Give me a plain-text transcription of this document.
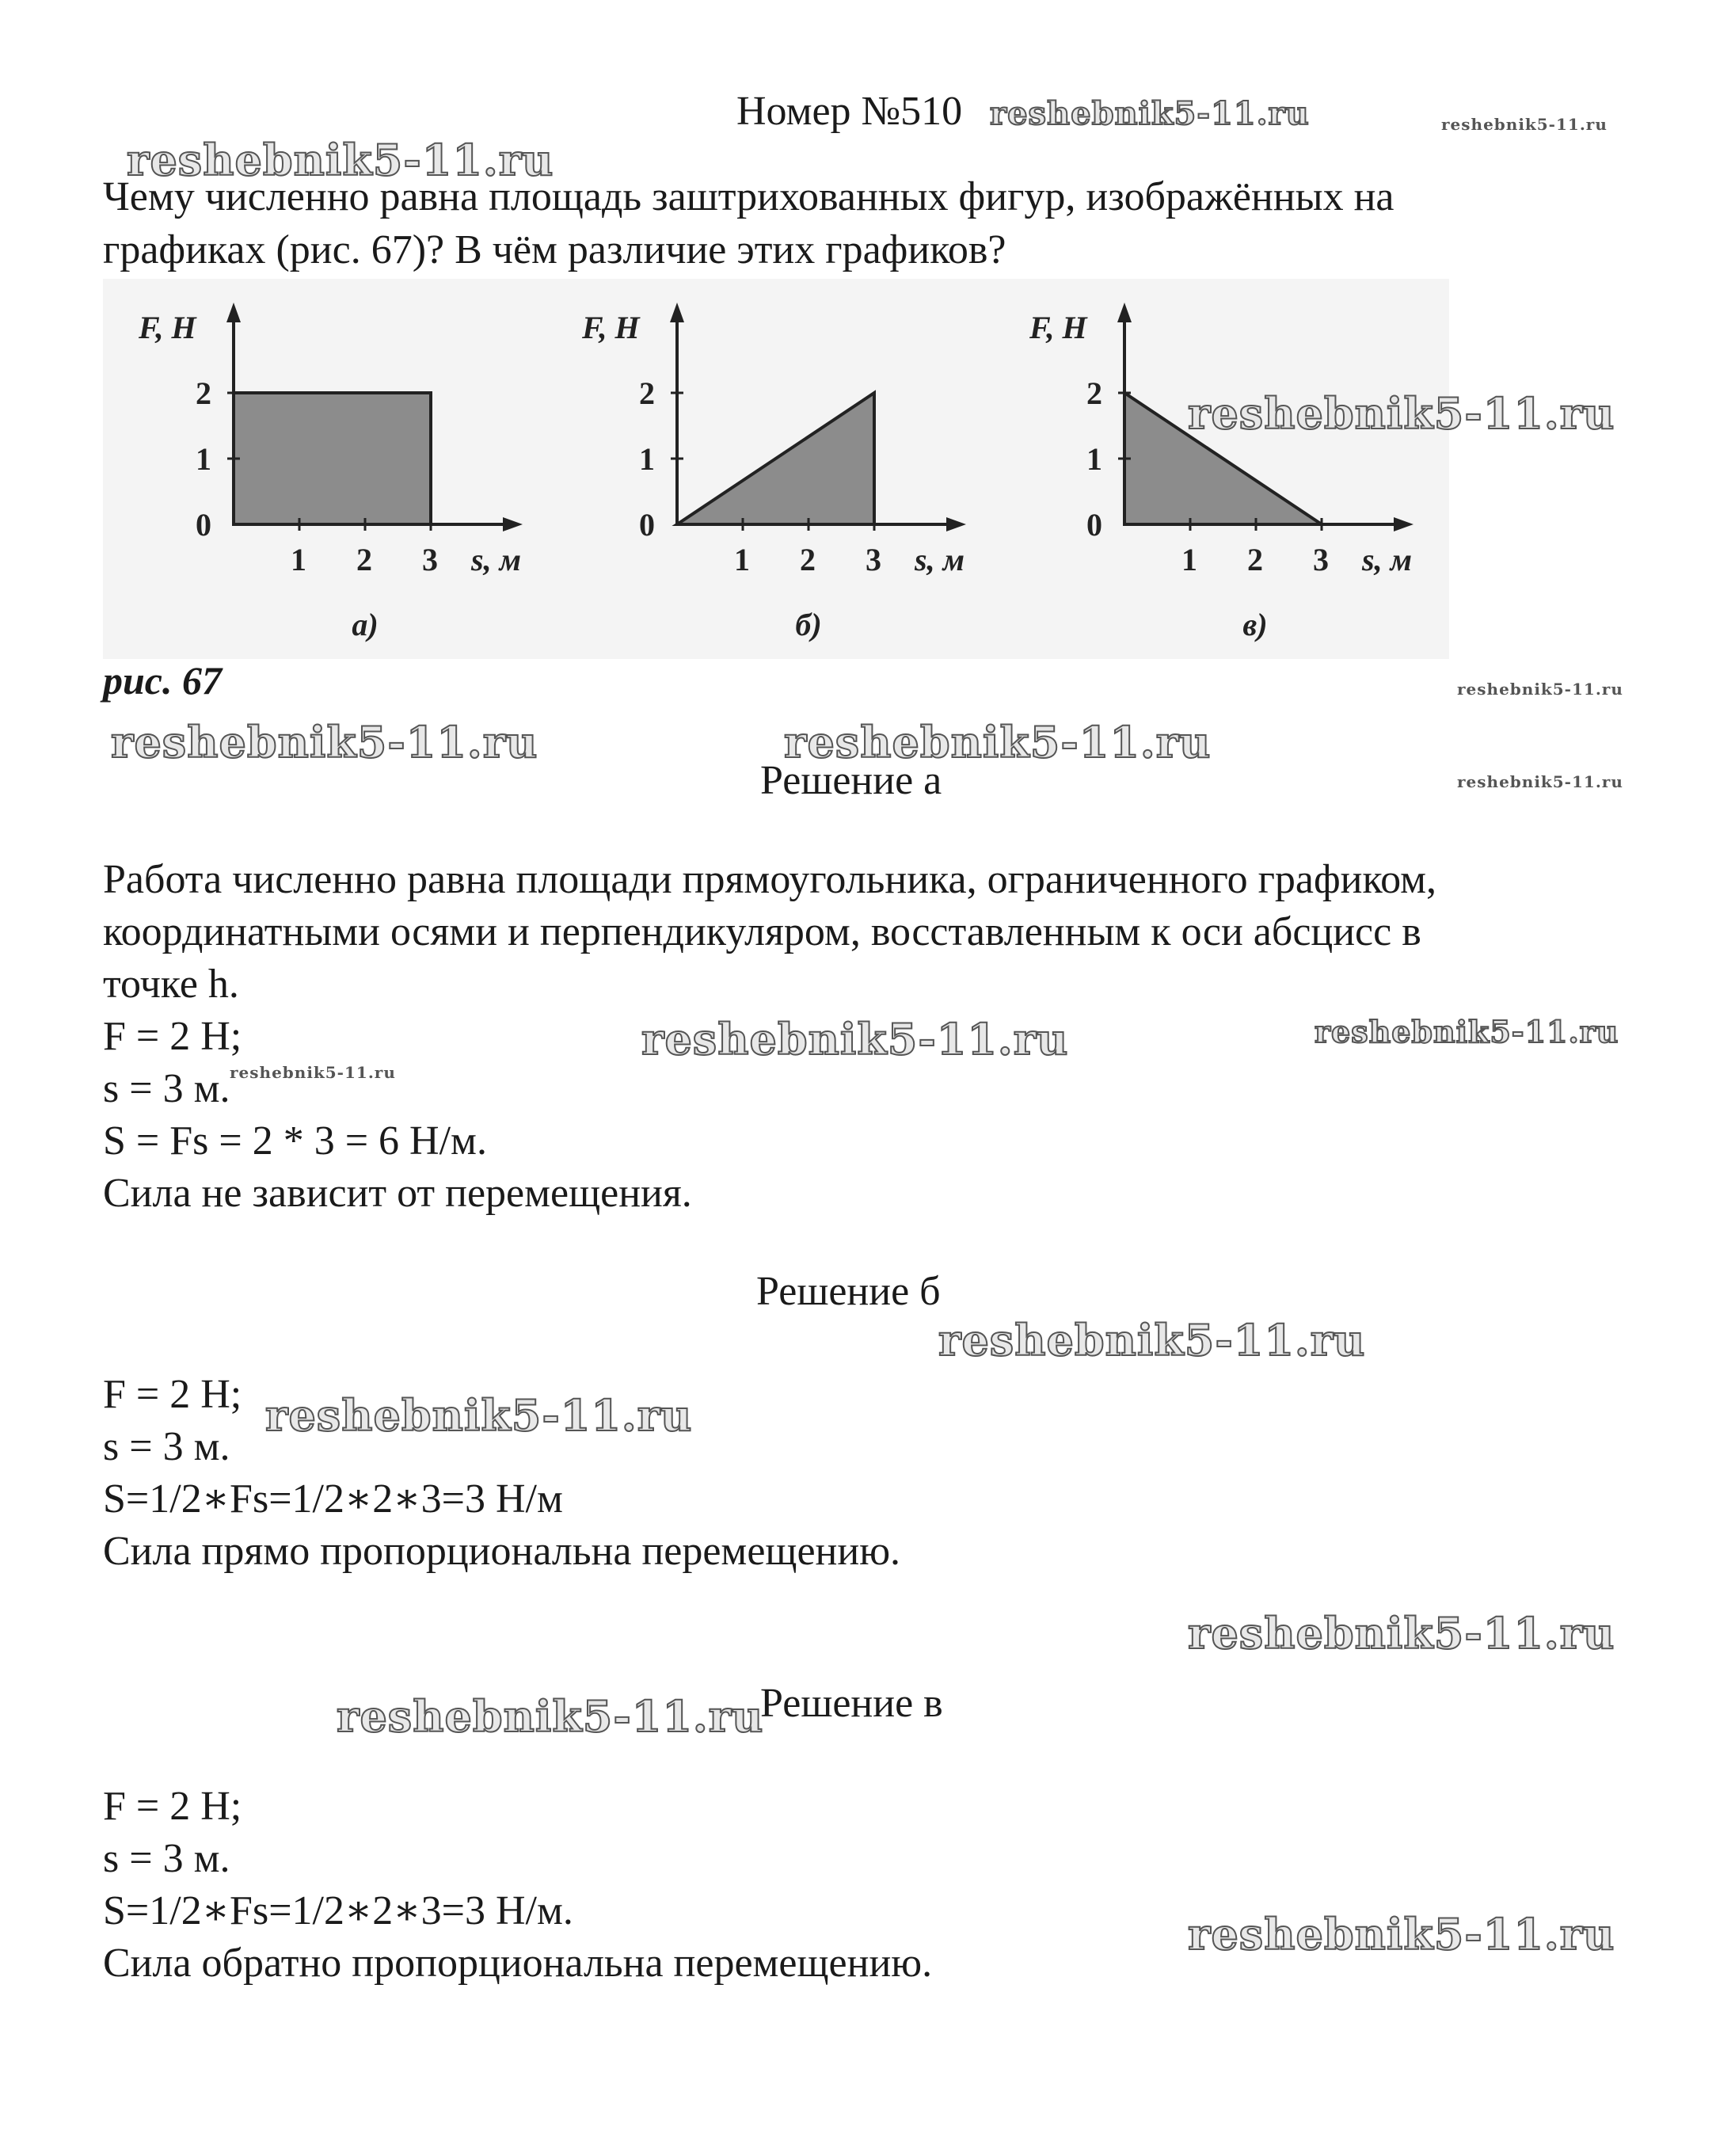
Номер №510
Чему численно равна площадь заштрихованных фигур, изображённых на
графиках (рис. 67)? В чём различие этих графиков?
0
1
2
1 2 3
F, H
s, м
а)
0
1
2
1 2 3
F, H
s, м
б)
0
1
2
1 2 3
F, H
s, м
в)
рис. 67
Решение а
Работа численно равна площади прямоугольника, ограниченного графиком,
координатными осями и перпендикуляром, восставленным к оси абсцисс в
точке h.
F = 2 H;
s = 3 м.
S = Fs = 2 * 3 = 6 Н/м.
Сила не зависит от перемещения.
Решение б
F = 2 H;
s = 3 м.
S=1/2∗Fs=1/2∗2∗3=3 Н/м
Сила прямо пропорциональна перемещению.
Решение в
F = 2 H;
s = 3 м.
S=1/2∗Fs=1/2∗2∗3=3 Н/м.
Сила обратно пропорциональна перемещению.
reshebnik5-11.ru
reshebnik5-11.ru	reshebnik5-11.ru
reshebnik5-11.ru
reshebnik5-11.ru
reshebnik5-11.ru	reshebnik5-11.ru
reshebnik5-11.ru
reshebnik5-11.ru	reshebnik5-11.ru
reshebnik5-11.ru
reshebnik5-11.ru
reshebnik5-11.ru
reshebnik5-11.ru
reshebnik5-11.ru
reshebnik5-11.ru
